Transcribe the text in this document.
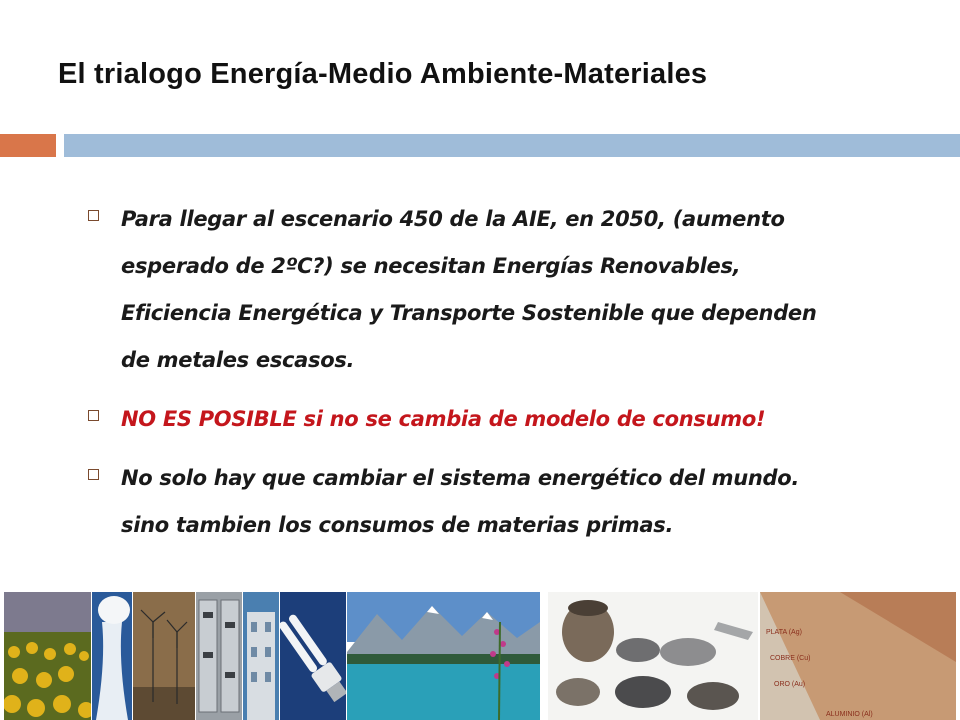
El trialogo Energía-Medio Ambiente-Materiales
Para llegar al escenario 450 de la AIE, en 2050, (aumento esperado de 2ºC?) se necesitan Energías Renovables, Eficiencia Energética y Transporte Sostenible que dependen de metales escasos.
NO ES POSIBLE si no se cambia de modelo de consumo!
No solo hay que cambiar el sistema energético del mundo. sino tambien los consumos de materias primas.
PLATA (Ag)
COBRE (Cu)
ORO (Au)
ALUMINIO (Al)
